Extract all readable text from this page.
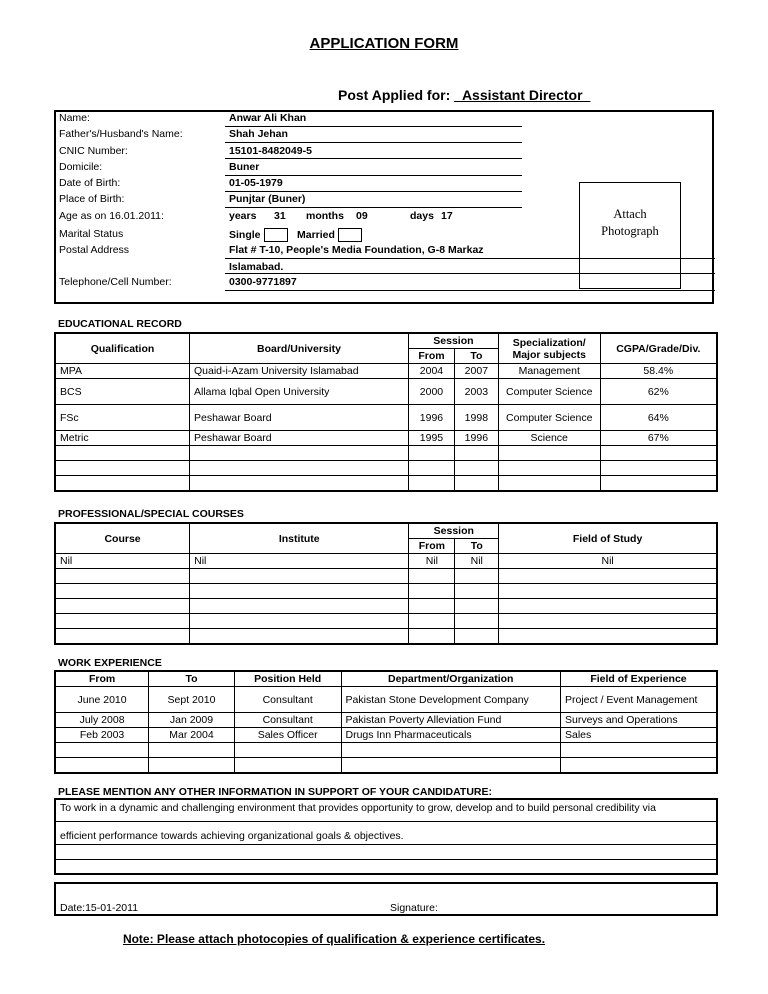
APPLICATION FORM
Post Applied for: _Assistant Director_
Name:	Anwar Ali Khan
Father's/Husband's Name:	Shah Jehan
CNIC Number:	15101-8482049-5
Domicile:	Buner
Date of Birth:	01-05-1979
Place of Birth:	Punjtar (Buner)
Age as on 16.01.2011:	years 31 months 09	days 17
Marital Status	Single	Married
Postal Address	Flat # T-10, People's Media Foundation, G-8 Markaz
Islamabad.
Telephone/Cell Number:	0300-9771897
Attach
Photograph
EDUCATIONAL RECORD
Qualification	Board/University	Session		Specialization/ Major subjects	CGPA/Grade/Div.
		From	To		
MPA	Quaid-i-Azam University Islamabad	2004	2007	Management	58.4%
BCS	Allama Iqbal Open University	2000	2003	Computer Science	62%
FSc	Peshawar Board	1996	1998	Computer Science	64%
Metric	Peshawar Board	1995	1996	Science	67%

PROFESSIONAL/SPECIAL COURSES
Course	Institute	Session		Field of Study
		From	To	
Nil	Nil	Nil	Nil	Nil

WORK EXPERIENCE
From	To	Position Held	Department/Organization	Field of Experience
June 2010	Sept 2010	Consultant	Pakistan Stone Development Company	Project / Event Management
July 2008	Jan 2009	Consultant	Pakistan Poverty Alleviation Fund	Surveys and Operations
Feb 2003	Mar 2004	Sales Officer	Drugs Inn Pharmaceuticals	Sales

PLEASE MENTION ANY OTHER INFORMATION IN SUPPORT OF YOUR CANDIDATURE:
To work in a dynamic and challenging environment that provides opportunity to grow, develop and to build personal credibility via
efficient performance towards achieving organizational goals & objectives.
Date:15-01-2011	Signature:
Note: Please attach photocopies of qualification & experience certificates.
